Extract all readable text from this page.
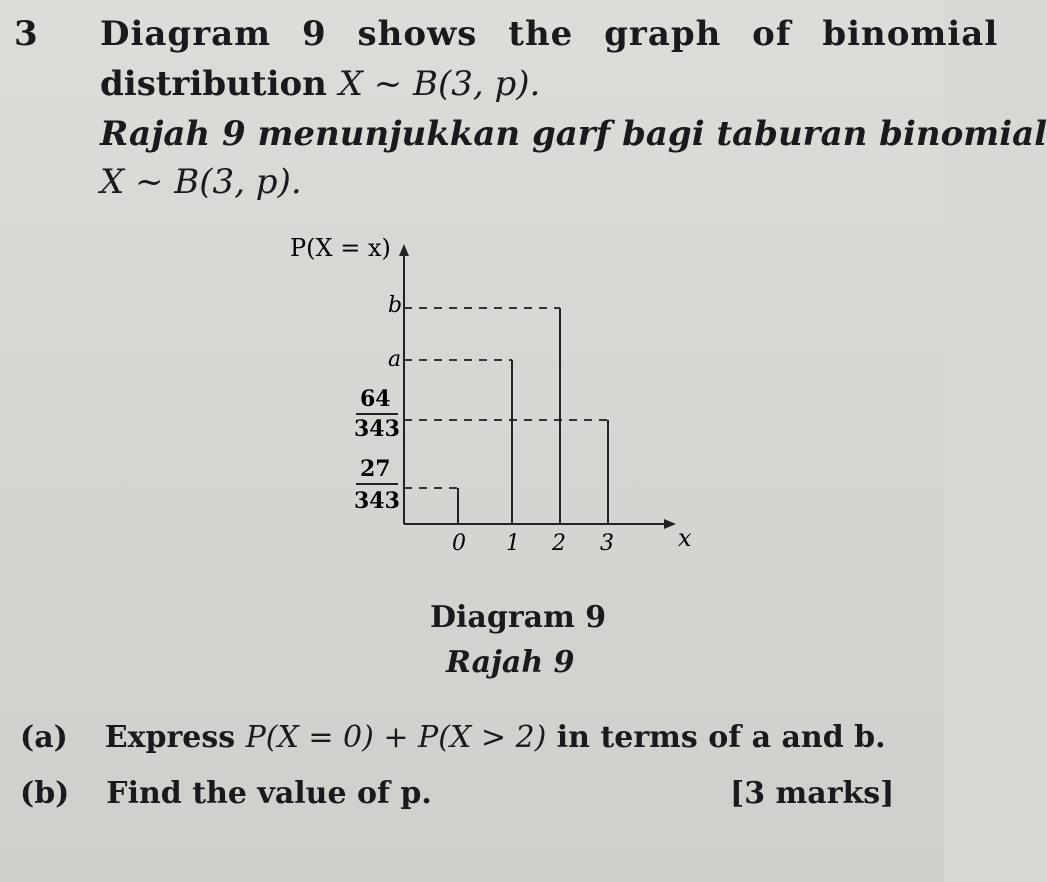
3 Diagram 9 shows the graph of binomial
distribution X ~ B(3, p).
Rajah 9 menunjukkan garf bagi taburan binomial
X ~ B(3, p).
P(X = x)
x
b
a
64
343
27
343
0 1 2 3
Diagram 9
Rajah 9
(a) Express P(X = 0) + P(X > 2) in terms of a and b.
(b) Find the value of p.	[3 marks]
